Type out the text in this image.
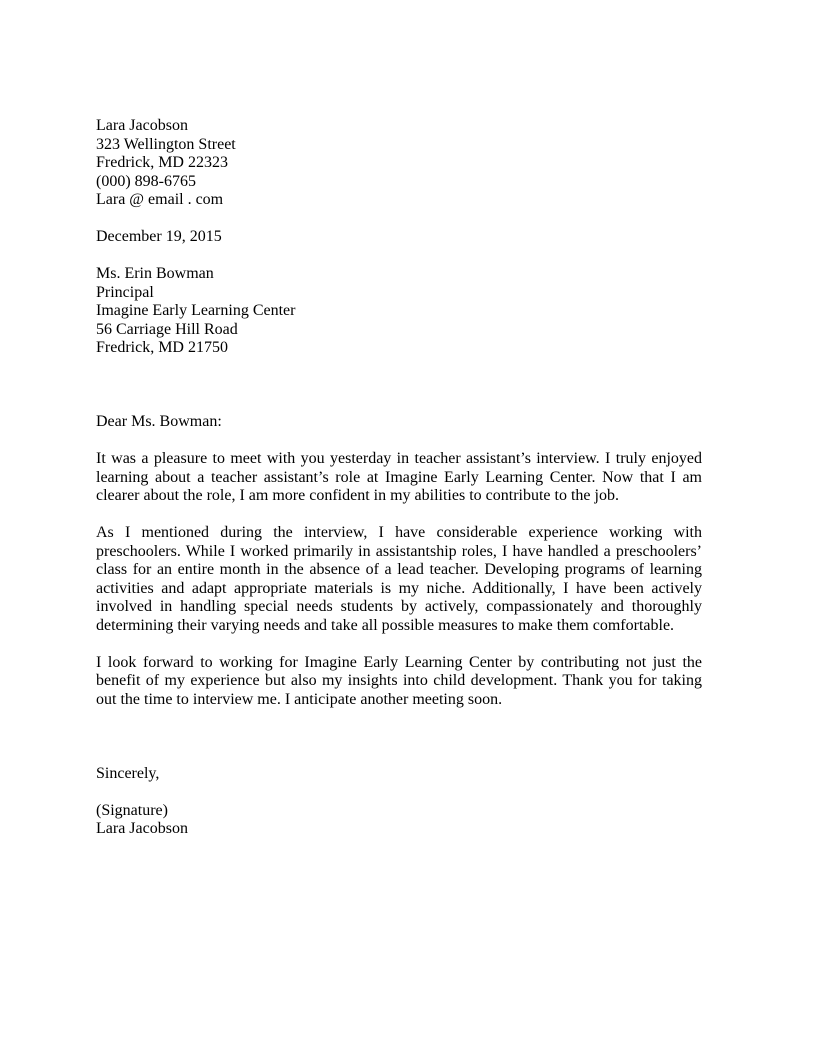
Lara Jacobson
323 Wellington Street
Fredrick, MD 22323
(000) 898-6765
Lara @ email . com
December 19, 2015
Ms. Erin Bowman
Principal
Imagine Early Learning Center
56 Carriage Hill Road
Fredrick, MD 21750
Dear Ms. Bowman:

It was a pleasure to meet with you yesterday in teacher assistant’s interview. I truly enjoyed learning about a teacher assistant’s role at Imagine Early Learning Center. Now that I am clearer about the role, I am more confident in my abilities to contribute to the job.

As I mentioned during the interview, I have considerable experience working with preschoolers. While I worked primarily in assistantship roles, I have handled a preschoolers’ class for an entire month in the absence of a lead teacher. Developing programs of learning activities and adapt appropriate materials is my niche. Additionally, I have been actively involved in handling special needs students by actively, compassionately and thoroughly determining their varying needs and take all possible measures to make them comfortable.

I look forward to working for Imagine Early Learning Center by contributing not just the benefit of my experience but also my insights into child development. Thank you for taking out the time to interview me. I anticipate another meeting soon.

Sincerely,
(Signature)
Lara Jacobson
